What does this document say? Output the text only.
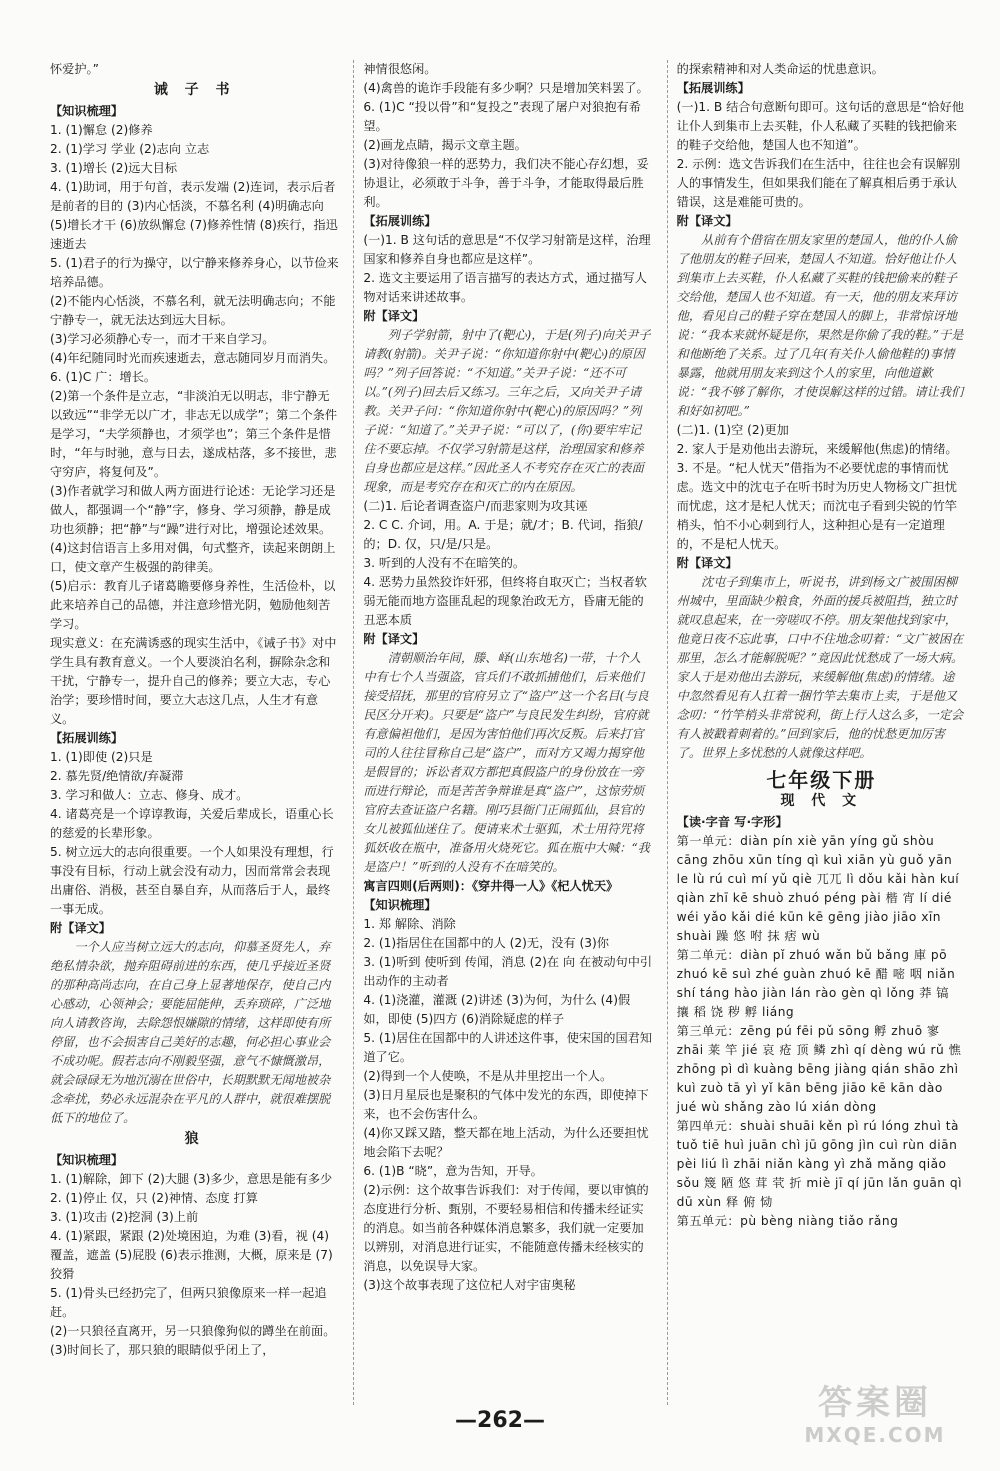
怀爱护。”
诫 子 书
【知识梳理】
1. (1)懈怠 (2)修养
2. (1)学习 学业 (2)志向 立志
3. (1)增长 (2)远大目标
4. (1)助词，用于句首，表示发端 (2)连词，表示后者是前者的目的 (3)内心恬淡，不慕名利 (4)明确志向 (5)增长才干 (6)放纵懈怠 (7)修养性情 (8)疾行，指迅速逝去
5. (1)君子的行为操守，以宁静来修养身心，以节俭来培养品德。
(2)不能内心恬淡，不慕名利，就无法明确志向；不能宁静专一，就无法达到远大目标。
(3)学习必须静心专一，而才干来自学习。
(4)年纪随同时光而疾速逝去，意志随同岁月而消失。
6. (1)C 广：增长。
(2)第一个条件是立志，“非淡泊无以明志，非宁静无以致远”“非学无以广才，非志无以成学”；第二个条件是学习，“夫学须静也，才须学也”；第三个条件是惜时，“年与时驰，意与日去，遂成枯落，多不接世，悲守穷庐，将复何及”。
(3)作者就学习和做人两方面进行论述：无论学习还是做人，都强调一个“静”字，修身、学习须静，静是成功也须静；把“静”与“躁”进行对比，增强论述效果。
(4)这封信语言上多用对偶，句式整齐，读起来朗朗上口，使文章产生极强的韵律美。
(5)启示：教育儿子诸葛瞻要修身养性，生活俭朴，以此来培养自己的品德，并注意珍惜光阴，勉励他刻苦学习。
现实意义：在充满诱惑的现实生活中，《诫子书》对中学生具有教育意义。一个人要淡泊名利，摒除杂念和干扰，宁静专一，提升自己的修养；要立大志，专心治学；要珍惜时间，要立大志这几点，人生才有意义。
【拓展训练】
1. (1)即使 (2)只是
2. 慕先贤/绝情欲/弃凝滞
3. 学习和做人：立志、修身、成才。
4. 诸葛亮是一个谆谆教诲，关爱后辈成长，语重心长的慈爱的长辈形象。
5. 树立远大的志向很重要。一个人如果没有理想，行事没有目标，行动上就会没有动力，因而常常会表现出庸俗、消极，甚至自暴自弃，从而落后于人，最终一事无成。
附【译文】
一个人应当树立远大的志向，仰慕圣贤先人，弃绝私情杂欲，抛弃阻碍前进的东西，使几乎接近圣贤的那种高尚志向，在自己身上显著地保存，使自己内心感动，心领神会；要能屈能伸，丢弃琐碎，广泛地向人请教咨询，去除怨恨嫌隙的情绪，这样即使有所停留，也不会损害自己美好的志趣，何必担心事业会不成功呢。假若志向不刚毅坚强，意气不慷慨激昂，就会碌碌无为地沉溺在世俗中，长期默默无闻地被杂念牵扰，势必永远混杂在平凡的人群中，就很难摆脱低下的地位了。
狼
【知识梳理】
1. (1)解除，卸下 (2)大腿 (3)多少，意思是能有多少
2. (1)停止 仅，只 (2)神情、态度 打算
3. (1)攻击 (2)挖洞 (3)上前
4. (1)紧跟，紧跟 (2)处境困迫，为难 (3)看，视 (4)覆盖，遮盖 (5)屁股 (6)表示推测，大概，原来是 (7)狡猾
5. (1)骨头已经扔完了，但两只狼像原来一样一起追赶。
(2)一只狼径直离开，另一只狼像狗似的蹲坐在前面。
(3)时间长了，那只狼的眼睛似乎闭上了，
神情很悠闲。
(4)禽兽的诡诈手段能有多少啊？只是增加笑料罢了。
6. (1)C “投以骨”和“复投之”表现了屠户对狼抱有希望。
(2)画龙点睛，揭示文章主题。
(3)对待像狼一样的恶势力，我们决不能心存幻想，妥协退让，必须敢于斗争，善于斗争，才能取得最后胜利。
【拓展训练】
(一)1. B 这句话的意思是“不仅学习射箭是这样，治理国家和修养自身也都应是这样”。
2. 选文主要运用了语言描写的表达方式，通过描写人物对话来讲述故事。
附【译文】
列子学射箭，射中了(靶心)，于是(列子)向关尹子请教(射箭)。关尹子说：“你知道你射中(靶心)的原因吗？”列子回答说：“不知道。”关尹子说：“还不可以。”(列子)回去后又练习。三年之后，又向关尹子请教。关尹子问：“你知道你射中(靶心)的原因吗？”列子说：“知道了。”关尹子说：“可以了，(你)要牢牢记住不要忘掉。不仅学习射箭是这样，治理国家和修养自身也都应是这样。”因此圣人不考究存在灭亡的表面现象，而是考究存在和灭亡的内在原因。
(二)1. 后论者调查盗户/而悲家则为攻其诬
2. C C. 介词，用。A. 于是；就/才；B. 代词，指狼/的；D. 仅，只/是/只是。
3. 听到的人没有不在暗笑的。
4. 恶势力虽然狡诈奸邪，但终将自取灭亡；当权者软弱无能而地方盗匪乱起的现象治政无方，昏庸无能的丑恶本质
附【译文】
清朝顺治年间，滕、峄(山东地名)一带，十个人中有七个人当强盗，官兵们不敢抓捕他们，后来他们接受招抚，那里的官府另立了“盗户”这一个名目(与良民区分开来)。只要是“盗户”与良民发生纠纷，官府就有意偏袒他们，是因为害怕他们再次反叛。后来打官司的人往往冒称自己是“盗户”，而对方又竭力揭穿他是假冒的；诉讼者双方都把真假盗户的身份放在一旁而进行辩论，而是苦苦争辩谁是真“盗户”，这惊劳烦官府去查证盗户名籍。刚巧县衙门正闹狐仙，县官的女儿被狐仙迷住了。便请来术士驱狐，术士用符咒将狐妖收在瓶中，准备用火烧死它。狐在瓶中大喊：“我是盗户！”听到的人没有不在暗笑的。
寓言四则(后两则)：《穿井得一人》《杞人忧天》
【知识梳理】
1. 郑 解除、消除
2. (1)指居住在国都中的人 (2)无，没有 (3)你
3. (1)听到 使听到 传闻，消息 (2)在 向 在被动句中引出动作的主动者
4. (1)浇灌，灌溉 (2)讲述 (3)为何，为什么 (4)假如，即使 (5)四方 (6)消除疑虑的样子
5. (1)居住在国都中的人讲述这件事，使宋国的国君知道了它。
(2)得到一个人使唤，不是从井里挖出一个人。
(3)日月星辰也是聚积的气体中发光的东西，即使掉下来，也不会伤害什么。
(4)你又踩又踏，整天都在地上活动，为什么还要担忧地会陷下去呢？
6. (1)B “晓”，意为告知，开导。
(2)示例：这个故事告诉我们：对于传闻，要以审慎的态度进行分析、甄别，不要轻易相信和传播未经证实的消息。如当前各种媒体消息繁多，我们就一定要加以辨别，对消息进行证实，不能随意传播未经核实的消息，以免误导大家。
(3)这个故事表现了这位杞人对宇宙奥秘
的探索精神和对人类命运的忧患意识。
【拓展训练】
(一)1. B 结合句意断句即可。这句话的意思是“恰好他让仆人到集市上去买鞋，仆人私藏了买鞋的钱把偷来的鞋子交给他，楚国人也不知道”。
2. 示例：选文告诉我们在生活中，往往也会有误解别人的事情发生，但如果我们能在了解真相后勇于承认错误，这是难能可贵的。
附【译文】
从前有个借宿在朋友家里的楚国人，他的仆人偷了他朋友的鞋子回来，楚国人不知道。恰好他让仆人到集市上去买鞋，仆人私藏了买鞋的钱把偷来的鞋子交给他，楚国人也不知道。有一天，他的朋友来拜访他，看见自己的鞋子穿在楚国人的脚上，非常惊讶地说：“我本来就怀疑是你，果然是你偷了我的鞋。”于是和他断绝了关系。过了几年(有关仆人偷他鞋的)事情暴露，他就用朋友来到这个人的家里，向他道歉说：“我不够了解你，才使误解这样的过错。请让我们和好如初吧。”
(二)1. (1)空 (2)更加
2. 家人于是劝他出去游玩，来缓解他(焦虑)的情绪。
3. 不是。“杞人忧天”借指为不必要忧虑的事情而忧虑。选文中的沈屯子在听书时为历史人物杨文广担忧而忧虑，这才是杞人忧天；而沈屯子看到尖锐的竹竿梢头，怕不小心刺到行人，这种担心是有一定道理的，不是杞人忧天。
附【译文】
沈屯子到集市上，听说书，讲到杨文广被围困柳州城中，里面缺少粮食，外面的援兵被阻挡，独立时就叹息起来，在一旁嗟叹不停。朋友架他找到家中，他竟日夜不忘此事，口中不住地念叨着：“文广被困在那里，怎么才能解脱呢？”竟因此忧愁成了一场大病。家人于是劝他出去游玩，来缓解他(焦虑)的情绪。途中忽然看见有人扛着一捆竹竿去集市上卖，于是他又念叨：“竹竿梢头非常锐利，街上行人这么多，一定会有人被戳着刺着的。”回到家后，他的忧愁更加厉害了。世界上多忧愁的人就像这样吧。
七年级下册
现 代 文
【读·字音 写·字形】
第一单元：diàn pín xiè yān yíng gǔ shòu cāng zhōu xūn tíng qì kuì xiān yù guǒ yān le lù rú cuì mí yǔ qiè 兀兀 lì dǒu kǎi hàn kuí qiàn zhī kē shuò zhuó péng pài 楷 宵 lí dié wéi yǎo kǎi dié kūn kē gēng jiào jiāo xīn shuài 躁 悠 咐 抹 痞 wù
第二单元：diàn pǐ zhuó wǎn bǔ bǎng 庫 pō zhuó kē suì zhé guàn zhuó kē 醋 嘧 咽 niǎn shí táng hào jiàn lán rào gèn qì lǒng 莽 镐 攘 稻 饶 秽 孵 liáng
第三单元：zēng pú fēi pǔ sōng 孵 zhuō 寥 zhāi 莱 竿 jié 哀 疮 顶 鳞 zhì qí dèng wú rǔ 憔 zhōng pì dì kuàng bēng jiàng qián shāo zhì kuì zuò tā yì yǐ kān bēng jiāo kē kān dào jué wù shǎng zào lú xián dòng
第四单元：shuài shuāi kěn pì rú lóng zhuì tà tuǒ tiē huì juān chì jū gōng jìn cuì rùn diān pèi liú lì zhāi niǎn kàng yì zhǎ mǎng qiǎo sǒu 篾 陋 悠 茸 茕 折 miè jī qí jūn lǎn guān qì dū xùn 释 俯 恸
第五单元：pù bèng niàng tiǎo rǎng
—262—	答案圈
MXQE.COM
